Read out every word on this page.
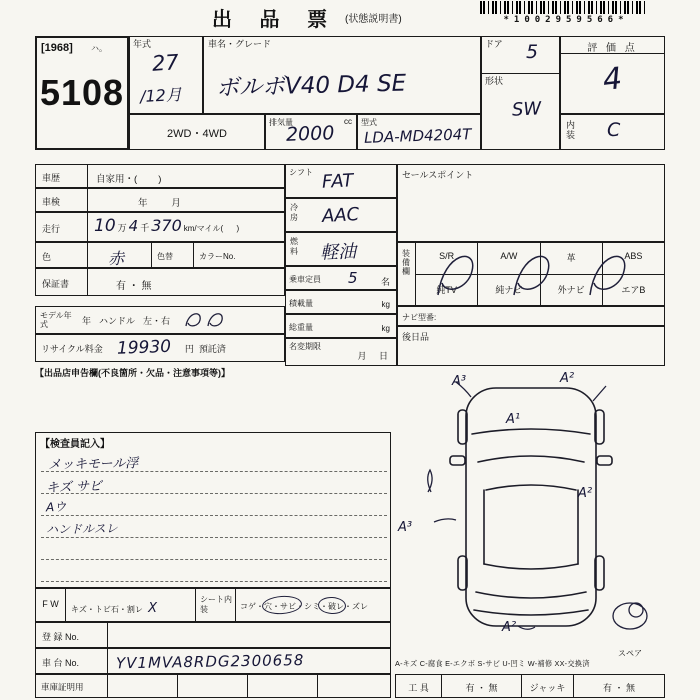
出 品 票 (状態説明書)	*1002959566*
[1968] ハ。
5108
年式
27
/12月
車名・グレード
ボルボV40 D4 SE
ドア 5
形状
SW
評 価 点
4
内装 C
2WD・4WD
排気量
2000
cc 型式
LDA-MD4204T
車歴	自家用・(        )
車検	年         月
走行	10 万 4 千 370 km/マイル(      )
色	赤	色替	カラーNo.
保証書	有 ・ 無
モデル年式	年 ハンドル 左・右
リサイクル料金 19930	円  預託済
【出品店申告欄(不良箇所・欠品・注意事項等)】
シフト FAT
冷房 AAC
燃料 軽油
乗車定員 5	名
積載量	kg
総重量	kg
名変期限
月     日
セールスポイント
装備欄
S/R	A/W	革	ABS
純TV	純ナビ	外ナビ	エアB
ナビ型番:
後日品
A³
A¹
A²
A³
A²
A²
スペア
【検査員記入】
メッキモール浮
キズ サビ
Aウ
ハンドルスレ
F W
キズ・トビ石・割レ X
シート内装	コゲ・穴・サビ・シミ・破レ・ズレ
登 録 No.
車 台 No.	YV1MVA8RDG2300658
車庫証明用
A-キズ C-腐食 E-エクボ S-サビ U-凹ミ W-補修 XX-交換済
工 具	有 ・ 無	ジャッキ	有 ・ 無
